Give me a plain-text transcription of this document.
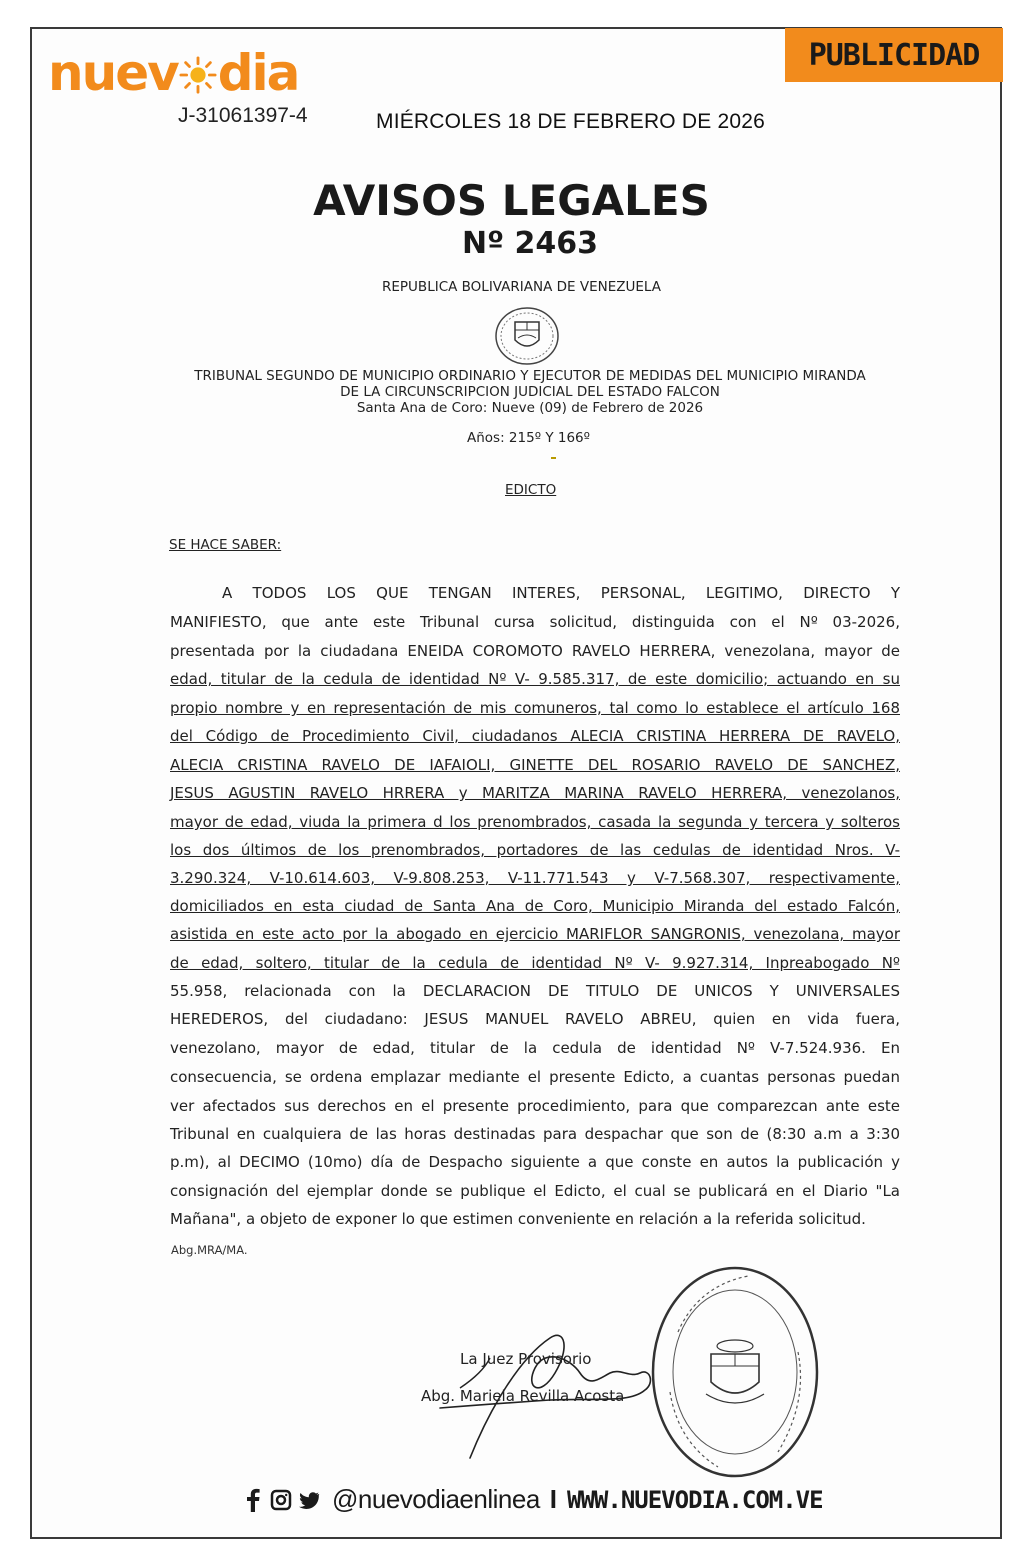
nuev dia
J-31061397-4	MIÉRCOLES 18 DE FEBRERO DE 2026
PUBLICIDAD
AVISOS LEGALES
Nº 2463
REPUBLICA BOLIVARIANA DE VENEZUELA
TRIBUNAL SEGUNDO DE MUNICIPIO ORDINARIO Y EJECUTOR DE MEDIDAS DEL MUNICIPIO MIRANDA
DE LA CIRCUNSCRIPCION JUDICIAL DEL ESTADO FALCON
Santa Ana de Coro: Nueve (09) de Febrero de 2026
Años: 215º Y 166º
EDICTO
SE HACE SABER:
A TODOS LOS QUE TENGAN INTERES, PERSONAL, LEGITIMO, DIRECTO Y
MANIFIESTO, que ante este Tribunal cursa solicitud, distinguida con el Nº 03-2026,
presentada por la ciudadana ENEIDA COROMOTO RAVELO HERRERA, venezolana, mayor de
edad, titular de la cedula de identidad Nº V- 9.585.317, de este domicilio; actuando en su
propio nombre y en representación de mis comuneros, tal como lo establece el artículo 168
del Código de Procedimiento Civil, ciudadanos ALECIA CRISTINA HERRERA DE RAVELO,
ALECIA CRISTINA RAVELO DE IAFAIOLI, GINETTE DEL ROSARIO RAVELO DE SANCHEZ,
JESUS AGUSTIN RAVELO HRRERA y MARITZA MARINA RAVELO HERRERA, venezolanos,
mayor de edad, viuda la primera d los prenombrados, casada la segunda y tercera y solteros
los dos últimos de los prenombrados, portadores de las cedulas de identidad Nros. V-
3.290.324, V-10.614.603, V-9.808.253, V-11.771.543 y V-7.568.307, respectivamente,
domiciliados en esta ciudad de Santa Ana de Coro, Municipio Miranda del estado Falcón,
asistida en este acto por la abogado en ejercicio MARIFLOR SANGRONIS, venezolana, mayor
de edad, soltero, titular de la cedula de identidad Nº V- 9.927.314, Inpreabogado Nº
55.958, relacionada con la DECLARACION DE TITULO DE UNICOS Y UNIVERSALES
HEREDEROS, del ciudadano: JESUS MANUEL RAVELO ABREU, quien en vida fuera,
venezolano, mayor de edad, titular de la cedula de identidad Nº V-7.524.936. En
consecuencia, se ordena emplazar mediante el presente Edicto, a cuantas personas puedan
ver afectados sus derechos en el presente procedimiento, para que comparezcan ante este
Tribunal en cualquiera de las horas destinadas para despachar que son de (8:30 a.m a 3:30
p.m), al DECIMO (10mo) día de Despacho siguiente a que conste en autos la publicación y
consignación del ejemplar donde se publique el Edicto, el cual se publicará en el Diario "La
Mañana", a objeto de exponer lo que estimen conveniente en relación a la referida solicitud.
Abg.MRA/MA.
La Juez Provisorio
Abg. Mariela Revilla Acosta
@nuevodiaenlinea I WWW.NUEVODIA.COM.VE
